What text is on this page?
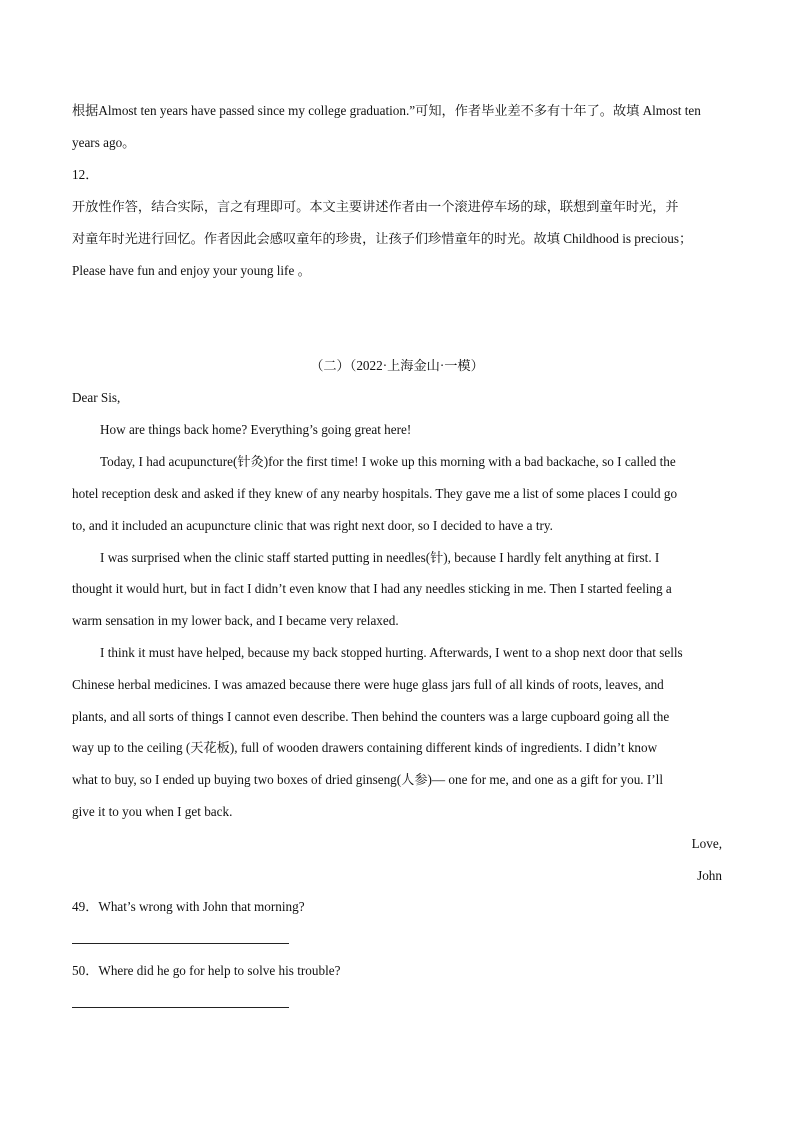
根据Almost ten years have passed since my college graduation.”可知，作者毕业差不多有十年了。故填 Almost ten
years ago。
12．
开放性作答，结合实际，言之有理即可。本文主要讲述作者由一个滚进停车场的球，联想到童年时光，并
对童年时光进行回忆。作者因此会感叹童年的珍贵，让孩子们珍惜童年的时光。故填 Childhood is precious；
Please have fun and enjoy your young life 。
（二）（2022·上海金山·一模）
Dear Sis,
How are things back home? Everything’s going great here!
Today, I had acupuncture(针灸)for the first time! I woke up this morning with a bad backache, so I called the
hotel reception desk and asked if they knew of any nearby hospitals. They gave me a list of some places I could go
to, and it included an acupuncture clinic that was right next door, so I decided to have a try.
I was surprised when the clinic staff started putting in needles(针), because I hardly felt anything at first. I
thought it would hurt, but in fact I didn’t even know that I had any needles sticking in me. Then I started feeling a
warm sensation in my lower back, and I became very relaxed.
I think it must have helped, because my back stopped hurting. Afterwards, I went to a shop next door that sells
Chinese herbal medicines. I was amazed because there were huge glass jars full of all kinds of roots, leaves, and
plants, and all sorts of things I cannot even describe. Then behind the counters was a large cupboard going all the
way up to the ceiling (天花板), full of wooden drawers containing different kinds of ingredients. I didn’t know
what to buy, so I ended up buying two boxes of dried ginseng(人参)— one for me, and one as a gift for you. I’ll
give it to you when I get back.
Love,
John
49．What’s wrong with John that morning?
50．Where did he go for help to solve his trouble?
